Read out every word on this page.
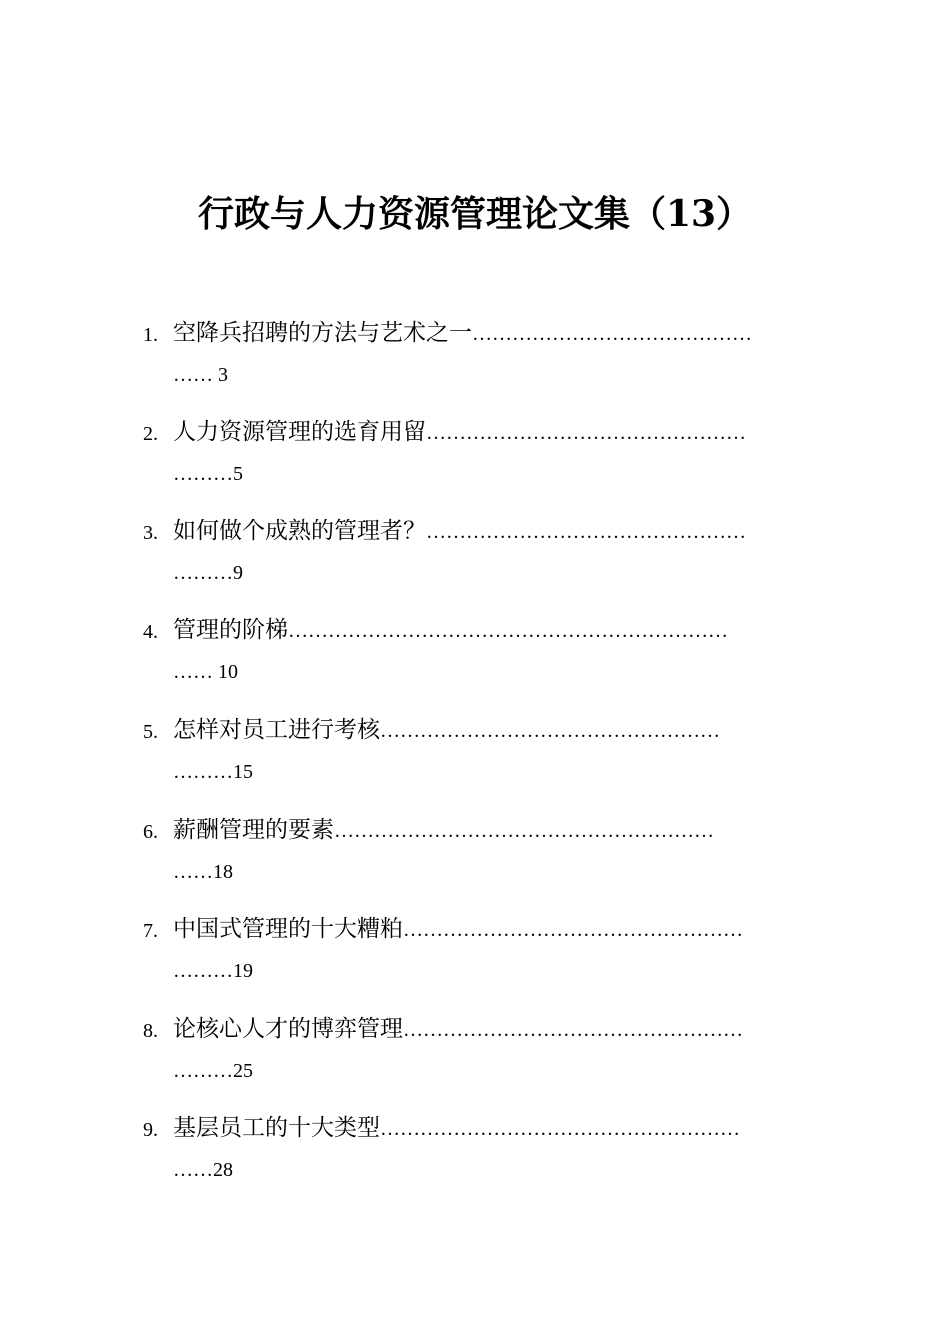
行政与人力资源管理论文集（13）
1. 空降兵招聘的方法与艺术之一……………………………………
…… 3
2. 人力资源管理的选育用留…………………………………………
………5
3. 如何做个成熟的管理者？…………………………………………
………9
4. 管理的阶梯…………………………………………………………
…… 10
5. 怎样对员工进行考核……………………………………………
………15
6. 薪酬管理的要素…………………………………………………
……18
7. 中国式管理的十大糟粕……………………………………………
………19
8. 论核心人才的博弈管理……………………………………………
………25
9. 基层员工的十大类型………………………………………………
……28
